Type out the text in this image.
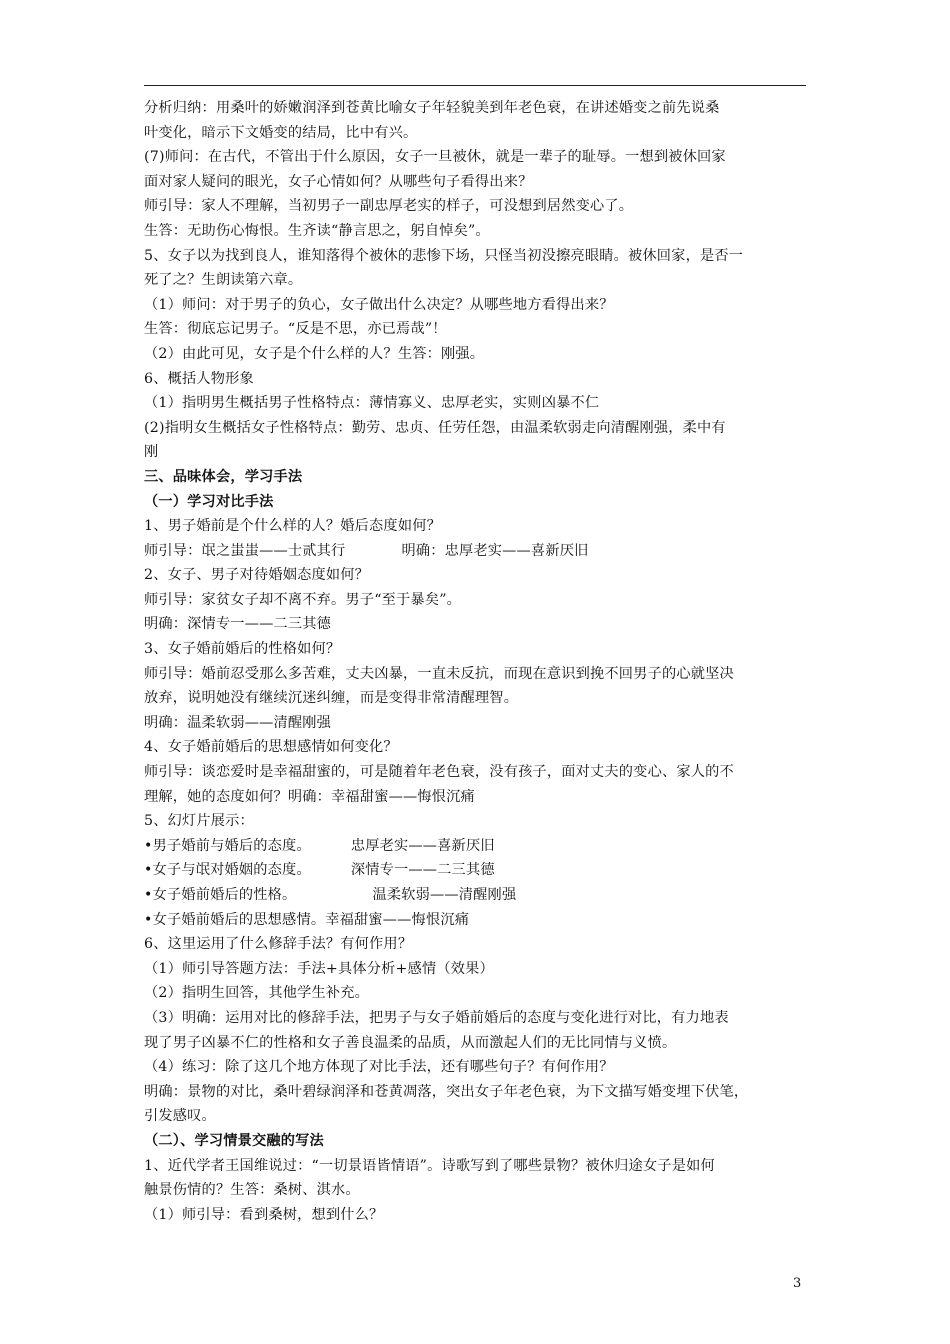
分析归纳：用桑叶的娇嫩润泽到苍黄比喻女子年轻貌美到年老色衰，在讲述婚变之前先说桑
叶变化，暗示下文婚变的结局，比中有兴。
(7)师问：在古代，不管出于什么原因，女子一旦被休，就是一辈子的耻辱。一想到被休回家
面对家人疑问的眼光，女子心情如何？从哪些句子看得出来？
师引导：家人不理解，当初男子一副忠厚老实的样子，可没想到居然变心了。
生答：无助伤心悔恨。生齐读“静言思之，躬自悼矣”。
5、女子以为找到良人，谁知落得个被休的悲惨下场，只怪当初没擦亮眼睛。被休回家，是否一
死了之？生朗读第六章。
（1）师问：对于男子的负心，女子做出什么决定？从哪些地方看得出来？
生答：彻底忘记男子。“反是不思，亦已焉哉”！
（2）由此可见，女子是个什么样的人？生答：刚强。
6、概括人物形象
（1）指明男生概括男子性格特点：薄情寡义、忠厚老实，实则凶暴不仁
(2)指明女生概括女子性格特点：勤劳、忠贞、任劳任怨，由温柔软弱走向清醒刚强，柔中有
刚
三、品味体会，学习手法
（一）学习对比手法
1、男子婚前是个什么样的人？婚后态度如何？
师引导：氓之蚩蚩——士贰其行	明确：忠厚老实——喜新厌旧
2、女子、男子对待婚姻态度如何？
师引导：家贫女子却不离不弃。男子“至于暴矣”。
明确：深情专一——二三其德
3、女子婚前婚后的性格如何？
师引导：婚前忍受那么多苦难，丈夫凶暴，一直未反抗，而现在意识到挽不回男子的心就坚决
放弃，说明她没有继续沉迷纠缠，而是变得非常清醒理智。
明确：温柔软弱——清醒刚强
4、女子婚前婚后的思想感情如何变化？
师引导：谈恋爱时是幸福甜蜜的，可是随着年老色衰，没有孩子，面对丈夫的变心、家人的不
理解，她的态度如何？明确：幸福甜蜜——悔恨沉痛
5、幻灯片展示：
•男子婚前与婚后的态度。	忠厚老实——喜新厌旧
•女子与氓对婚姻的态度。	深情专一——二三其德
•女子婚前婚后的性格。	温柔软弱——清醒刚强
•女子婚前婚后的思想感情。幸福甜蜜——悔恨沉痛
6、这里运用了什么修辞手法？有何作用？
（1）师引导答题方法：手法+具体分析+感情（效果）
（2）指明生回答，其他学生补充。
（3）明确：运用对比的修辞手法，把男子与女子婚前婚后的态度与变化进行对比，有力地表
现了男子凶暴不仁的性格和女子善良温柔的品质，从而激起人们的无比同情与义愤。
（4）练习：除了这几个地方体现了对比手法，还有哪些句子？有何作用？
明确：景物的对比，桑叶碧绿润泽和苍黄凋落，突出女子年老色衰，为下文描写婚变埋下伏笔，
引发感叹。
（二）、学习情景交融的写法
1、近代学者王国维说过：“一切景语皆情语”。诗歌写到了哪些景物？被休归途女子是如何
触景伤情的？生答：桑树、淇水。
（1）师引导：看到桑树，想到什么？
3
